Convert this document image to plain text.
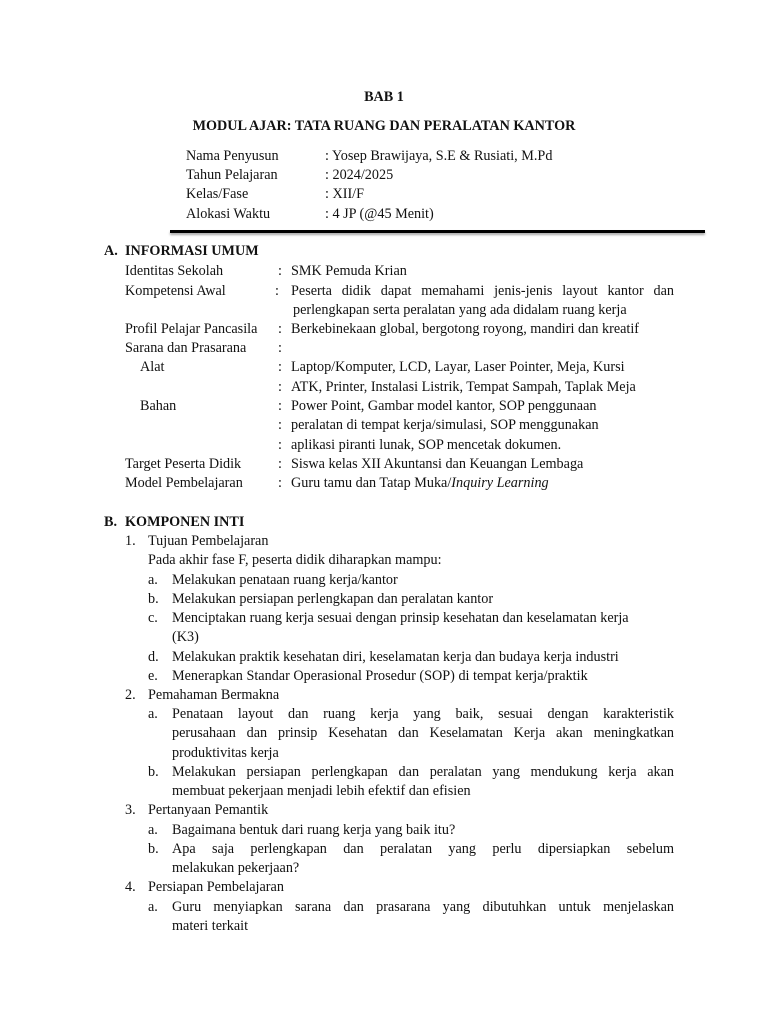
BAB 1
MODUL AJAR: TATA RUANG DAN PERALATAN KANTOR
Nama Penyusun	: Yosep Brawijaya, S.E & Rusiati, M.Pd
Tahun Pelajaran	: 2024/2025
Kelas/Fase	: XII/F
Alokasi Waktu	: 4 JP (@45 Menit)
A. INFORMASI UMUM
Identitas Sekolah	: SMK Pemuda Krian
Kompetensi Awal	: Peserta didik dapat memahami jenis-jenis layout kantor dan
perlengkapan serta peralatan yang ada didalam ruang kerja
Profil Pelajar Pancasila : Berkebinekaan global, bergotong royong, mandiri dan kreatif
Sarana dan Prasarana :
Alat	: Laptop/Komputer, LCD, Layar, Laser Pointer, Meja, Kursi
: ATK, Printer, Instalasi Listrik, Tempat Sampah, Taplak Meja
Bahan	: Power Point, Gambar model kantor, SOP penggunaan
: peralatan di tempat kerja/simulasi, SOP menggunakan
: aplikasi piranti lunak, SOP mencetak dokumen.
Target Peserta Didik	: Siswa kelas XII Akuntansi dan Keuangan Lembaga
Model Pembelajaran : Guru tamu dan Tatap Muka/Inquiry Learning
B. KOMPONEN INTI
1. Tujuan Pembelajaran
Pada akhir fase F, peserta didik diharapkan mampu:
a. Melakukan penataan ruang kerja/kantor
b. Melakukan persiapan perlengkapan dan peralatan kantor
c. Menciptakan ruang kerja sesuai dengan prinsip kesehatan dan keselamatan kerja
(K3)
d. Melakukan praktik kesehatan diri, keselamatan kerja dan budaya kerja industri
e. Menerapkan Standar Operasional Prosedur (SOP) di tempat kerja/praktik
2. Pemahaman Bermakna
a. Penataan layout dan ruang kerja yang baik, sesuai dengan karakteristik
perusahaan dan prinsip Kesehatan dan Keselamatan Kerja akan meningkatkan
produktivitas kerja
b. Melakukan persiapan perlengkapan dan peralatan yang mendukung kerja akan
membuat pekerjaan menjadi lebih efektif dan efisien
3. Pertanyaan Pemantik
a. Bagaimana bentuk dari ruang kerja yang baik itu?
b. Apa saja perlengkapan dan peralatan yang perlu dipersiapkan sebelum
melakukan pekerjaan?
4. Persiapan Pembelajaran
a. Guru menyiapkan sarana dan prasarana yang dibutuhkan untuk menjelaskan
materi terkait
